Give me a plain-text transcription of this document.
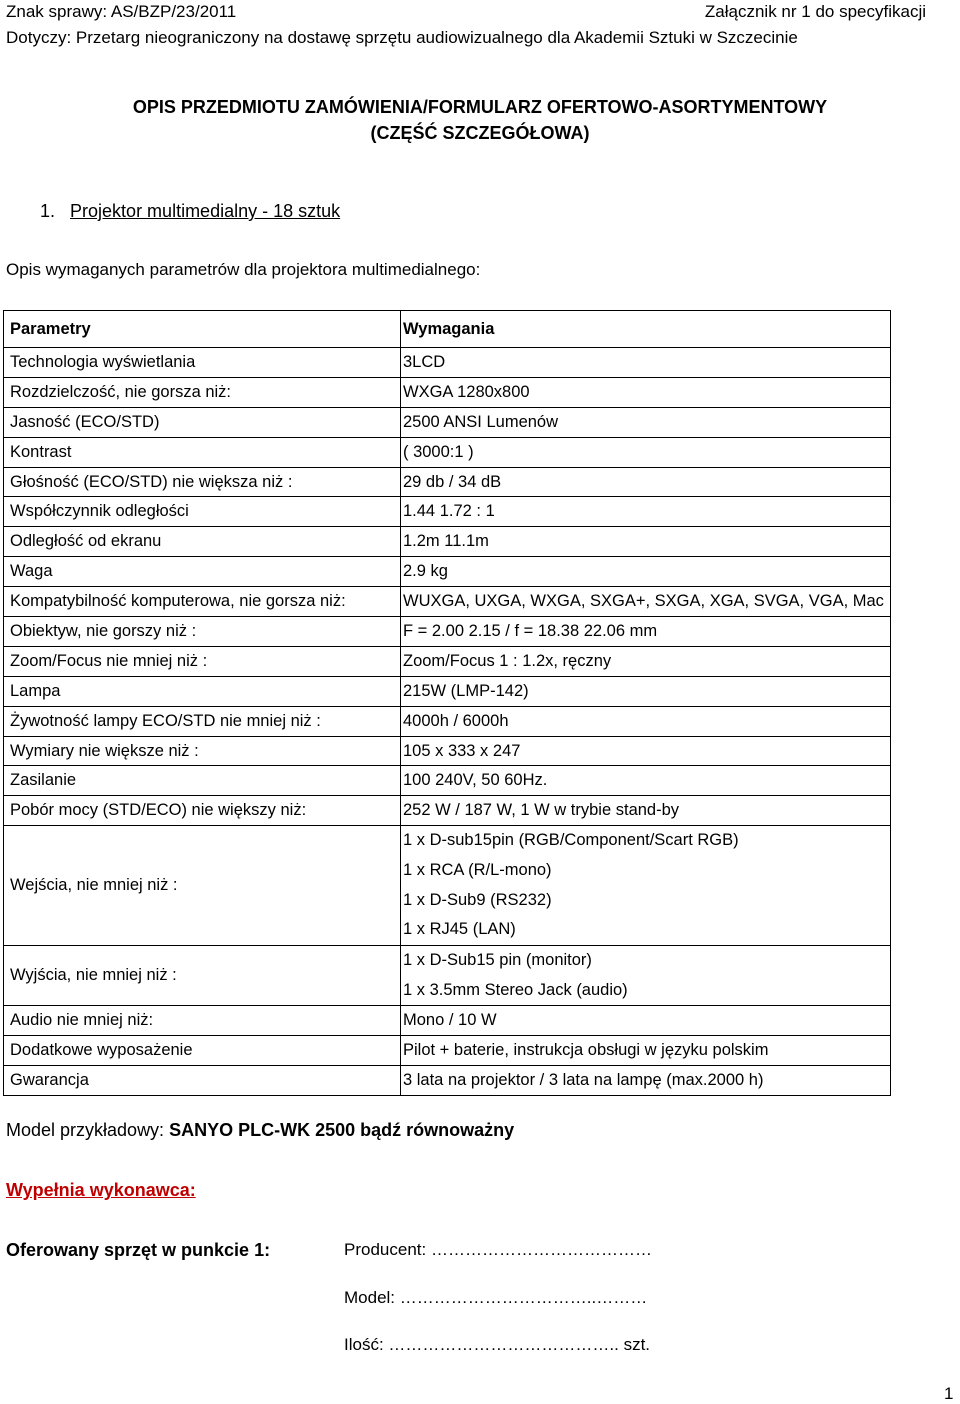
Znak sprawy: AS/BZP/23/2011	Załącznik nr 1 do specyfikacji
Dotyczy: Przetarg nieograniczony na dostawę sprzętu audiowizualnego dla Akademii Sztuki w Szczecinie
OPIS PRZEDMIOTU ZAMÓWIENIA/FORMULARZ OFERTOWO-ASORTYMENTOWY
(CZĘŚĆ SZCZEGÓŁOWA)
1. Projektor multimedialny - 18 sztuk
Opis wymaganych parametrów dla projektora multimedialnego:
Parametry	Wymagania
Technologia wyświetlania	3LCD
Rozdzielczość, nie gorsza niż:	WXGA 1280x800
Jasność (ECO/STD)	2500 ANSI Lumenów
Kontrast	( 3000:1 )
Głośność (ECO/STD) nie większa niż :	29 db / 34 dB
Współczynnik odległości	1.44 1.72 : 1
Odległość od ekranu	1.2m 11.1m
Waga	2.9 kg
Kompatybilność komputerowa, nie gorsza niż:	WUXGA, UXGA, WXGA, SXGA+, SXGA, XGA, SVGA, VGA, Mac
Obiektyw, nie gorszy niż :	F = 2.00 2.15 / f = 18.38 22.06 mm
Zoom/Focus nie mniej niż :	Zoom/Focus 1 : 1.2x, ręczny
Lampa	215W (LMP-142)
Żywotność lampy ECO/STD nie mniej niż :	4000h / 6000h
Wymiary nie większe niż :	105 x 333 x 247
Zasilanie	100 240V, 50 60Hz.
Pobór mocy (STD/ECO) nie większy niż:	252 W / 187 W, 1 W w trybie stand-by
Wejścia, nie mniej niż :	1 x D-sub15pin (RGB/Component/Scart RGB)
1 x RCA (R/L-mono)
1 x D-Sub9 (RS232)
1 x RJ45 (LAN)

Wyjścia, nie mniej niż :	1 x D-Sub15 pin (monitor)
1 x 3.5mm Stereo Jack (audio)

Audio nie mniej niż:	Mono / 10 W
Dodatkowe wyposażenie	Pilot + baterie, instrukcja obsługi w języku polskim
Gwarancja	3 lata na projektor / 3 lata na lampę (max.2000 h)
Model przykładowy: SANYO PLC-WK 2500 bądź równoważny
Wypełnia wykonawca:
Oferowany sprzęt w punkcie 1:	Producent: …………………………………
Model: ……………………………..………
Ilość: ………………………………….. szt.
1
